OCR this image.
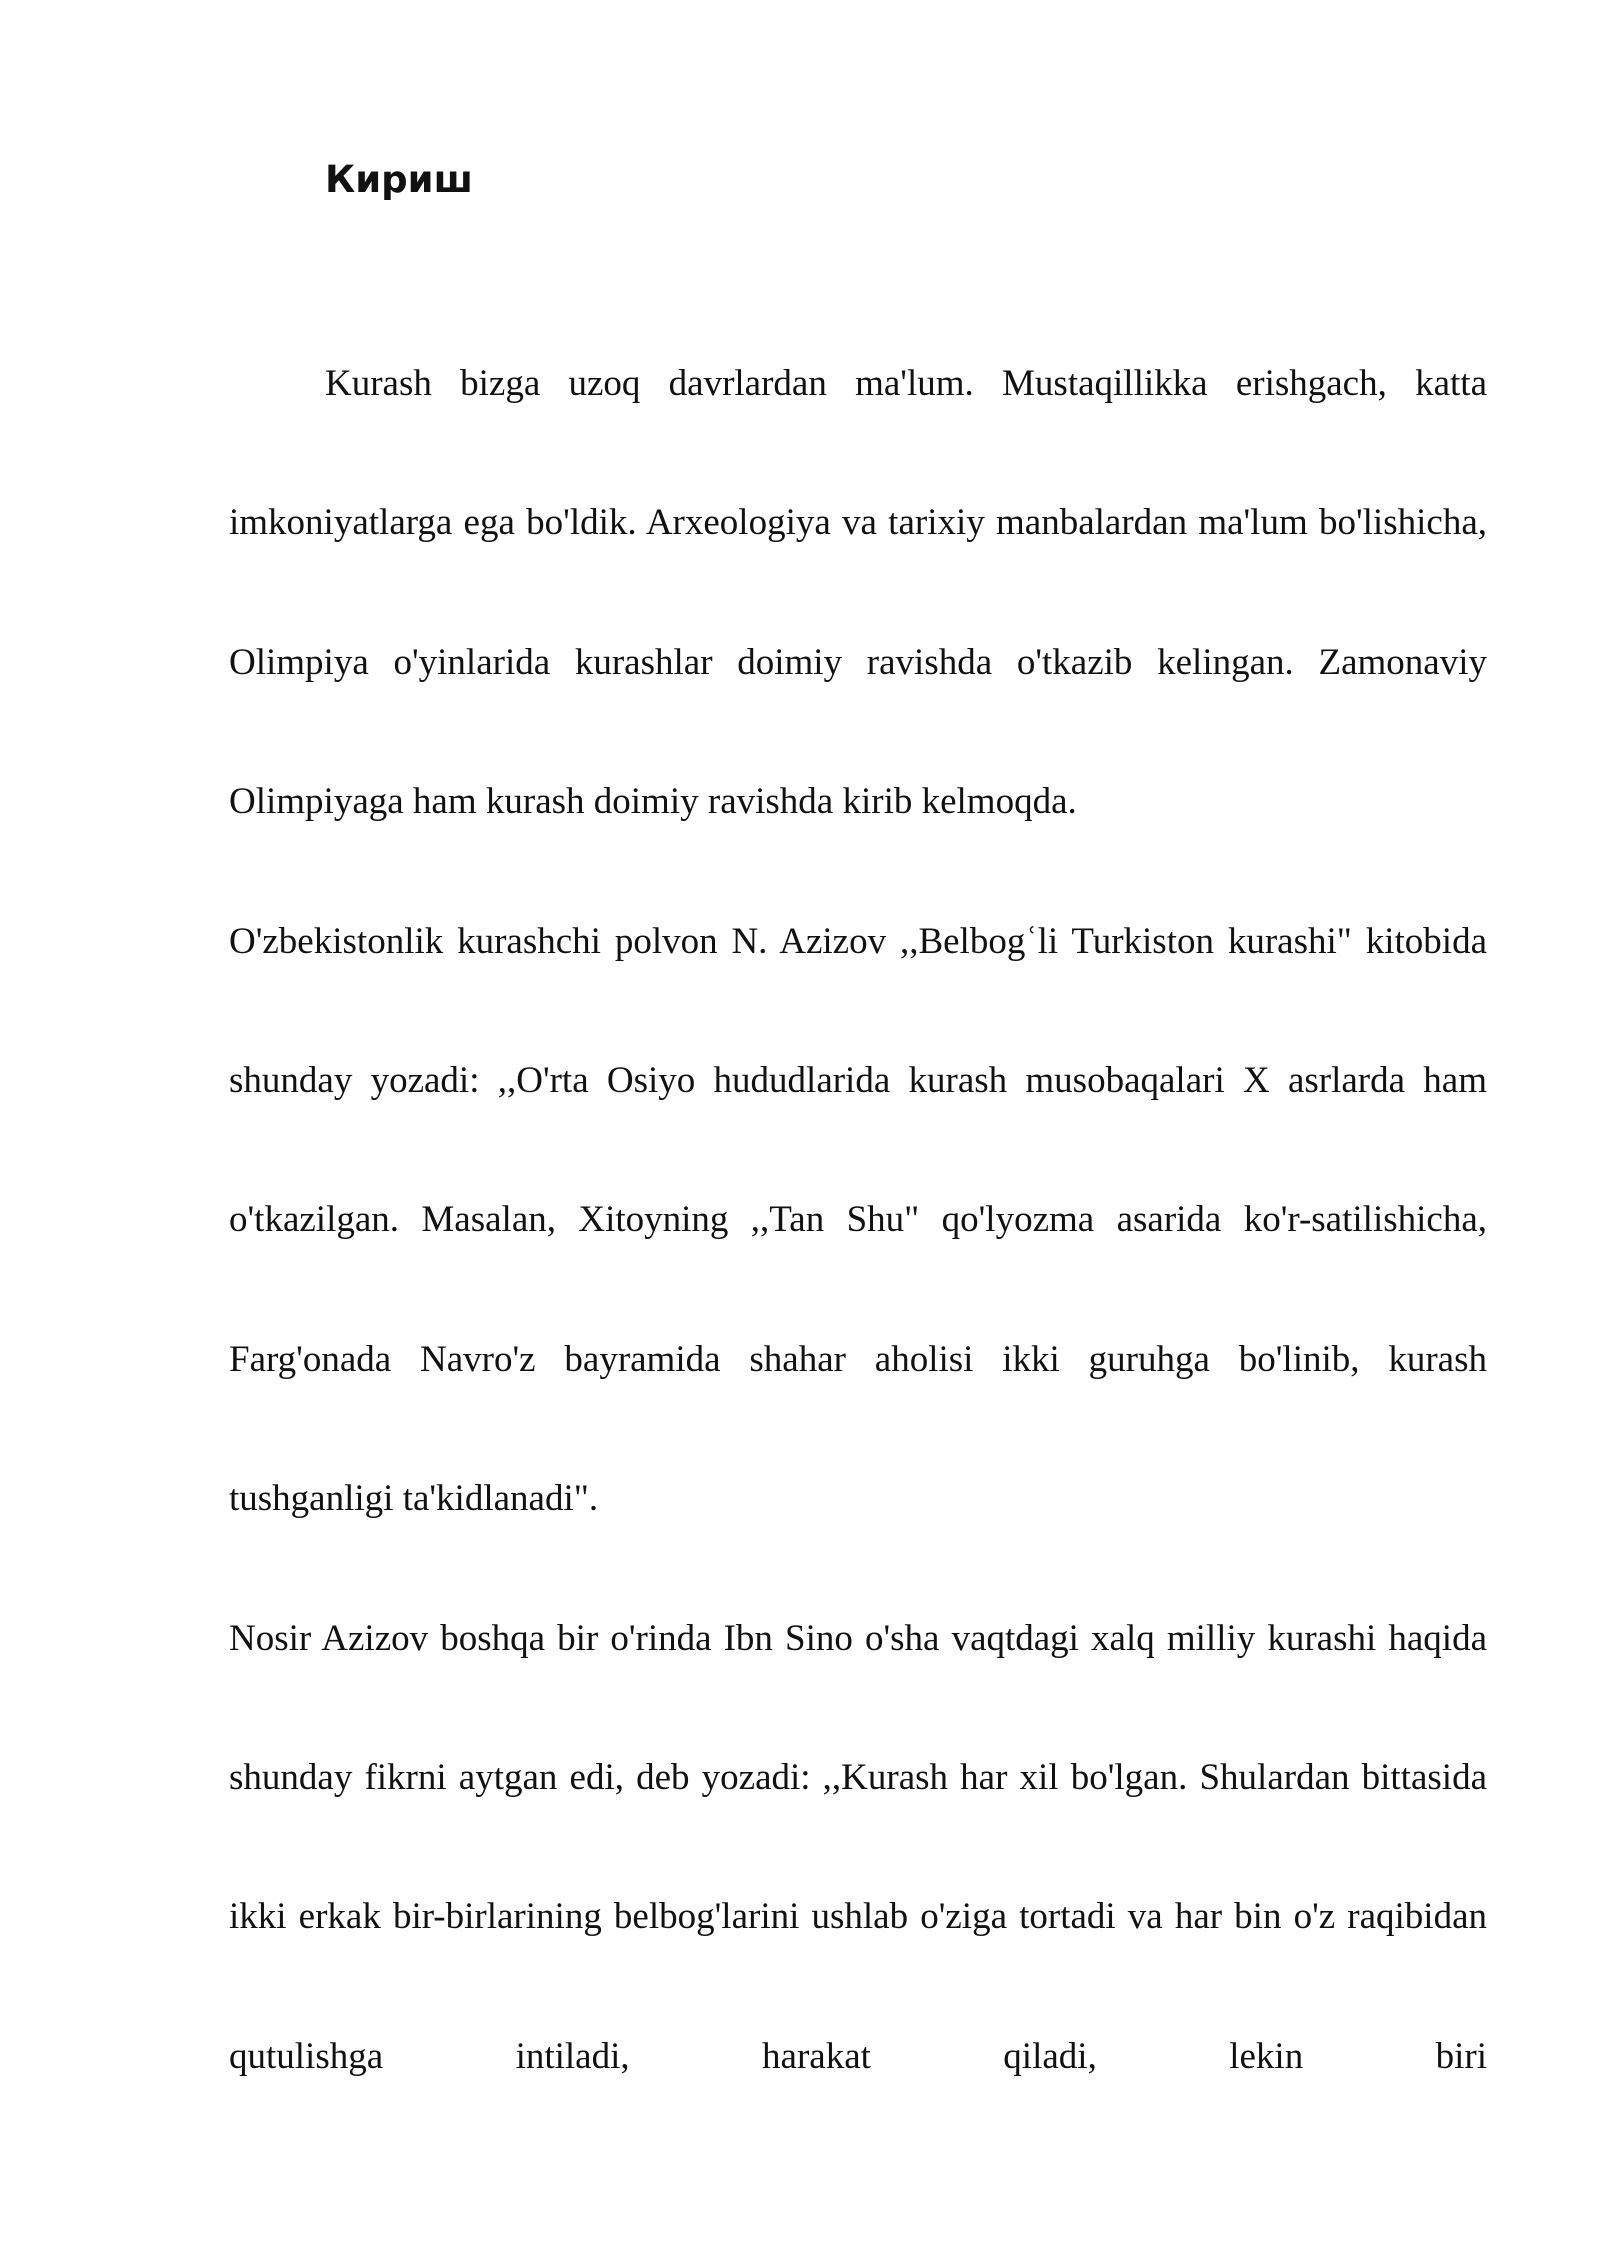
Кириш

Kurash bizga uzoq davrlardan ma'lum. Mustaqillikka erishgach, katta imkoniyatlarga ega bo'ldik. Arxeologiya va tarixiy manbalardan ma'lum bo'lishicha, Olimpiya o'yinlarida kurashlar doimiy ravishda o'tkazib kelingan. Zamonaviy Olimpiyaga ham kurash doimiy ravishda kirib kelmoqda.

O'zbekistonlik kurashchi polvon N. Azizov ,,Belbogʿli Turkiston kurashi" kitobida shunday yozadi: ,,O'rta Osiyo hududlarida kurash musobaqalari X asrlarda ham o'tkazilgan. Masalan, Xitoyning ,,Tan Shu" qo'lyozma asarida ko'r-satilishicha, Farg'onada Navro'z bayramida shahar aholisi ikki guruhga bo'linib, kurash tushganligi ta'kidlanadi".

Nosir Azizov boshqa bir o'rinda Ibn Sino o'sha vaqtdagi xalq milliy kurashi haqida shunday fikrni aytgan edi, deb yozadi: ,,Kurash har xil bo'lgan. Shulardan bittasida ikki erkak bir-birlarining belbog'larini ushlab o'ziga tortadi va har bin o'z raqibidan qutulishga intiladi, harakat qiladi, lekin biri
